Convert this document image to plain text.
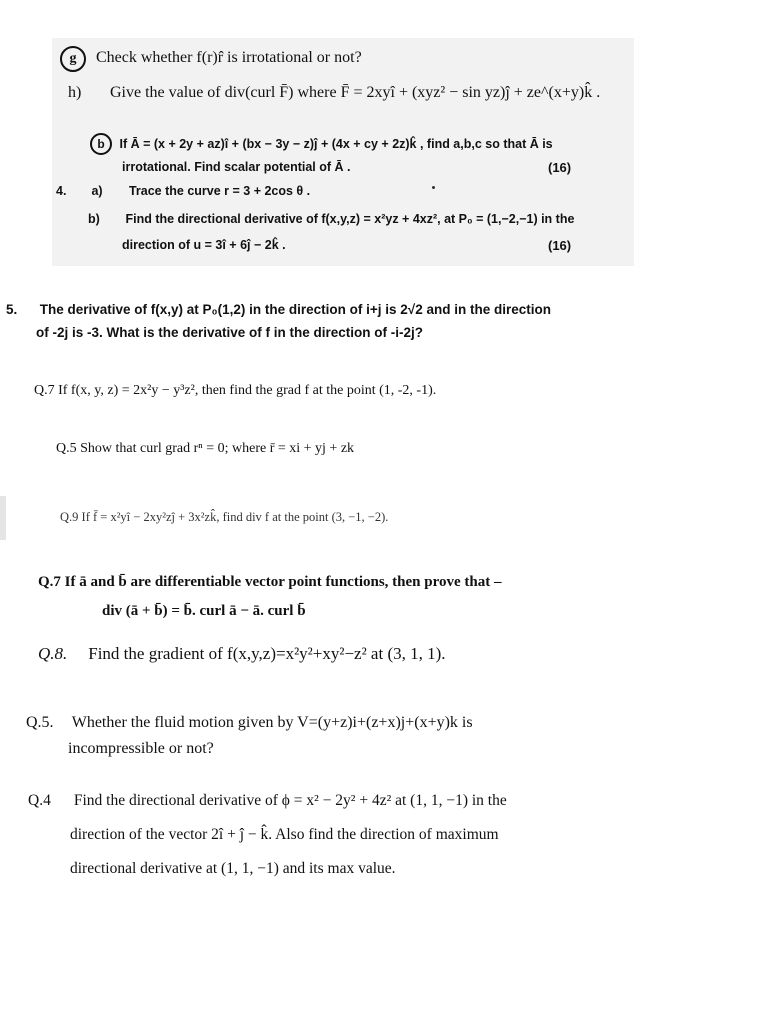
g Check whether f(r)r̂ is irrotational or not?
h) Give the value of div(curl F̄) where F̄ = 2xyî + (xyz² − sin yz)ĵ + ze^(x+y)k̂ .
b If Ā = (x + 2y + az)î + (bx − 3y − z)ĵ + (4x + cy + 2z)k̂ , find a,b,c so that Ā is
irrotational. Find scalar potential of Ā .	(16)
4. a) Trace the curve r = 3 + 2cos θ .
b) Find the directional derivative of f(x,y,z) = x²yz + 4xz², at P₀ = (1,−2,−1) in the
direction of u = 3î + 6ĵ − 2k̂ .	(16)
5. The derivative of f(x,y) at P₀(1,2) in the direction of i+j is 2√2 and in the direction
of -2j is -3. What is the derivative of f in the direction of -i-2j?
Q.7 If f(x, y, z) = 2x²y − y³z², then find the grad f at the point (1, -2, -1).
Q.5 Show that curl grad rⁿ = 0; where r̄ = xi + yj + zk
Q.9 If f̄ = x²yî − 2xy²zĵ + 3x²zk̂, find div f at the point (3, −1, −2).
Q.7 If ā and b̄ are differentiable vector point functions, then prove that –
div (ā + b̄) = b̄. curl ā − ā. curl b̄
Q.8. Find the gradient of f(x,y,z)=x²y²+xy²−z² at (3, 1, 1).
Q.5. Whether the fluid motion given by V=(y+z)i+(z+x)j+(x+y)k is
incompressible or not?
Q.4 Find the directional derivative of ϕ = x² − 2y² + 4z² at (1, 1, −1) in the
direction of the vector 2î + ĵ − k̂. Also find the direction of maximum
directional derivative at (1, 1, −1) and its max value.
